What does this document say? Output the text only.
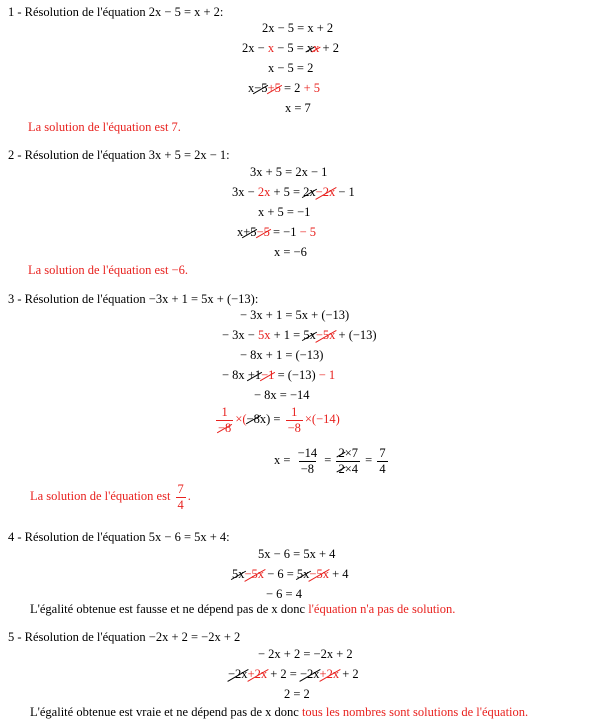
1 - Résolution de l'équation 2x − 5 = x + 2:
2x − 5 = x + 2
2x − x − 5 = xx + 2
x − 5 = 2
x−5+5 = 2 + 5
x = 7
La solution de l'équation est 7.
2 - Résolution de l'équation 3x + 5 = 2x − 1:
3x + 5 = 2x − 1
3x − 2x + 5 = 2x−2x − 1
x + 5 = −1
x+5−5 = −1 − 5
x = −6
La solution de l'équation est −6.
3 - Résolution de l'équation −3x + 1 = 5x + (−13):
− 3x + 1 = 5x + (−13)
− 3x − 5x + 1 = 5x−5x + (−13)
− 8x + 1 = (−13)
− 8x +1−1 = (−13) − 1
− 8x = −14
$\frac{1}{-8} \times(-8x) = \frac{1}{-8} \times(-14)$
$x = \frac{-14}{-8} = \frac{2\times 7}{2\times 4} = \frac{7}{4}$
La solution de l'équation est $\frac{7}{4}$ .
4 - Résolution de l'équation 5x − 6 = 5x + 4:
5x − 6 = 5x + 4
5x−5x − 6 = 5x−5x + 4
− 6 = 4
L'égalité obtenue est fausse et ne dépend pas de x donc l'équation n'a pas de solution.
5 - Résolution de l'équation −2x + 2 = −2x + 2
− 2x + 2 = −2x + 2
−2x+2x + 2 = −2x+2x + 2
2 = 2
L'égalité obtenue est vraie et ne dépend pas de x donc tous les nombres sont solutions de l'équation.
